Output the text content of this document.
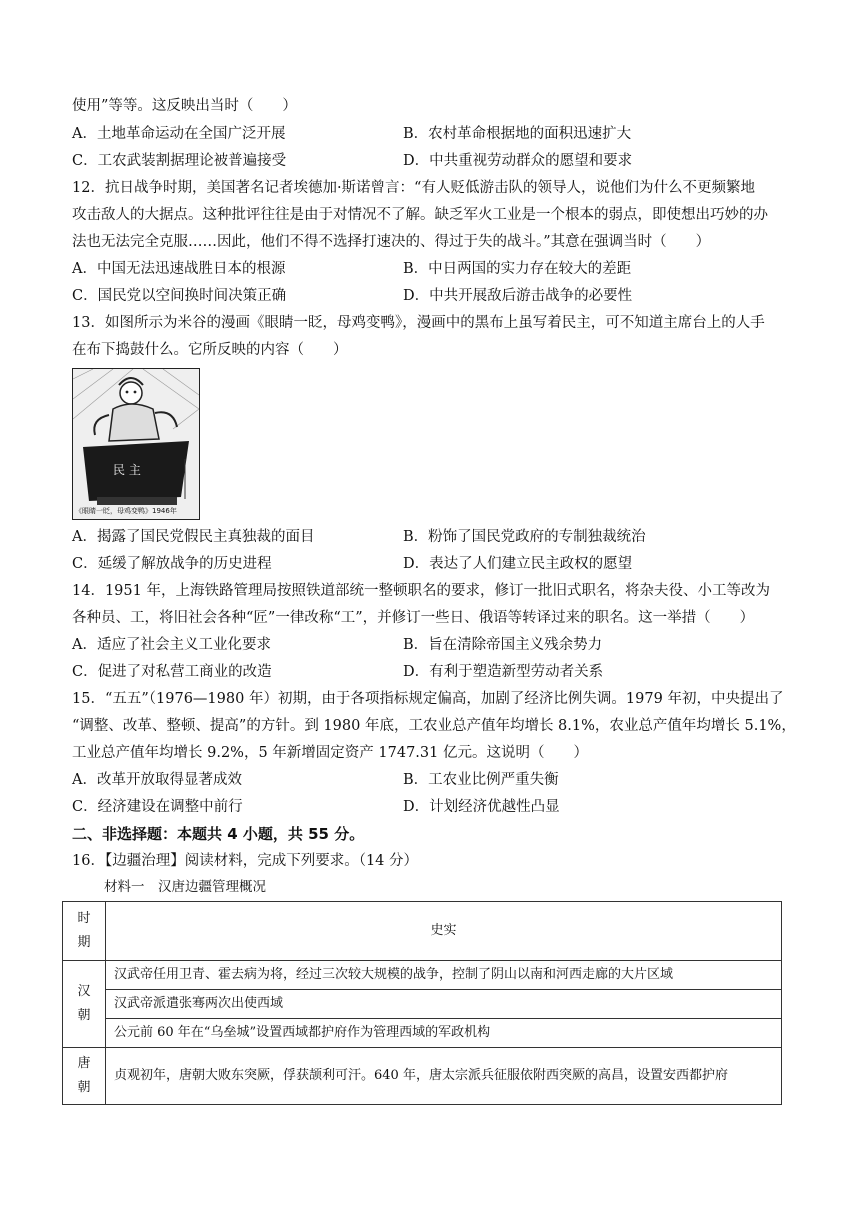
使用”等等。这反映出当时（　　）
A．土地革命运动在全国广泛开展	B．农村革命根据地的面积迅速扩大
C．工农武装割据理论被普遍接受	D．中共重视劳动群众的愿望和要求
12．抗日战争时期，美国著名记者埃德加·斯诺曾言：“有人贬低游击队的领导人，说他们为什么不更频繁地
攻击敌人的大据点。这种批评往往是由于对情况不了解。缺乏军火工业是一个根本的弱点，即使想出巧妙的办
法也无法完全克服……因此，他们不得不选择打速决的、得过于失的战斗。”其意在强调当时（　　）
A．中国无法迅速战胜日本的根源	B．中日两国的实力存在较大的差距
C．国民党以空间换时间决策正确	D．中共开展敌后游击战争的必要性
13．如图所示为米谷的漫画《眼睛一眨，母鸡变鸭》，漫画中的黑布上虽写着民主，可不知道主席台上的人手
在布下捣鼓什么。它所反映的内容（　　）
民 主
《眼睛一眨，母鸡变鸭》1946年
A．揭露了国民党假民主真独裁的面目	B．粉饰了国民党政府的专制独裁统治
C．延缓了解放战争的历史进程	D．表达了人们建立民主政权的愿望
14．1951 年，上海铁路管理局按照铁道部统一整顿职名的要求，修订一批旧式职名，将杂夫役、小工等改为
各种员、工，将旧社会各种“匠”一律改称“工”，并修订一些日、俄语等转译过来的职名。这一举措（　　）
A．适应了社会主义工业化要求	B．旨在清除帝国主义残余势力
C．促进了对私营工商业的改造	D．有利于塑造新型劳动者关系
15．“五五”（1976—1980 年）初期，由于各项指标规定偏高，加剧了经济比例失调。1979 年初，中央提出了
“调整、改革、整顿、提高”的方针。到 1980 年底，工农业总产值年均增长 8.1%，农业总产值年均增长 5.1%，
工业总产值年均增长 9.2%，5 年新增固定资产 1747.31 亿元。这说明（　　）
A．改革开放取得显著成效	B．工农业比例严重失衡
C．经济建设在调整中前行	D．计划经济优越性凸显
二、非选择题：本题共 4 小题，共 55 分。
16．【边疆治理】阅读材料，完成下列要求。（14 分）
材料一　汉唐边疆管理概况
时
期	史实

汉
朝	汉武帝任用卫青、霍去病为将，经过三次较大规模的战争，控制了阴山以南和河西走廊的大片区域
	汉武帝派遣张骞两次出使西域
	公元前 60 年在“乌垒城”设置西域都护府作为管理西域的军政机构

唐
朝	贞观初年，唐朝大败东突厥，俘获颉利可汗。640 年，唐太宗派兵征服依附西突厥的高昌，设置安西都护府
